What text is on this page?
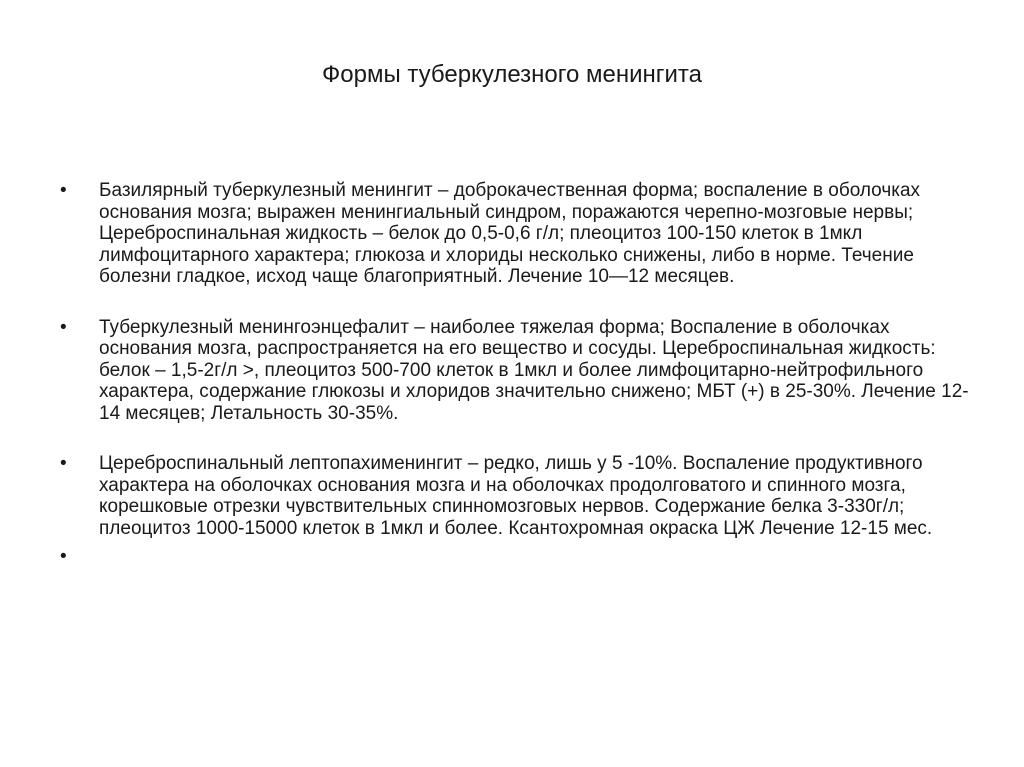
Формы туберкулезного менингита
• Базилярный туберкулезный менингит – доброкачественная форма; воспаление в оболочках основания мозга; выражен менингиальный синдром, поражаются черепно-мозговые нервы; Цереброспинальная жидкость – белок до 0,5-0,6 г/л; плеоцитоз 100-150 клеток в 1мкл лимфоцитарного характера; глюкоза и хлориды несколько снижены, либо в норме. Течение болезни гладкое, исход чаще благоприятный. Лечение 10—12 месяцев.
• Туберкулезный менингоэнцефалит – наиболее тяжелая форма; Воспаление в оболочках основания мозга, распространяется на его вещество и сосуды. Цереброспинальная жидкость: белок – 1,5-2г/л >, плеоцитоз 500-700 клеток в 1мкл и более лимфоцитарно-нейтрофильного характера, содержание глюкозы и хлоридов значительно снижено; МБТ (+) в 25-30%. Лечение 12-14 месяцев; Летальность 30-35%.
• Цереброспинальный лептопахименингит – редко, лишь у 5 -10%. Воспаление продуктивного характера на оболочках основания мозга и на оболочках продолговатого и спинного мозга, корешковые отрезки чувствительных спинномозговых нервов. Содержание белка 3-330г/л; плеоцитоз 1000-15000 клеток в 1мкл и более. Ксантохромная окраска ЦЖ Лечение 12-15 мес.
•
